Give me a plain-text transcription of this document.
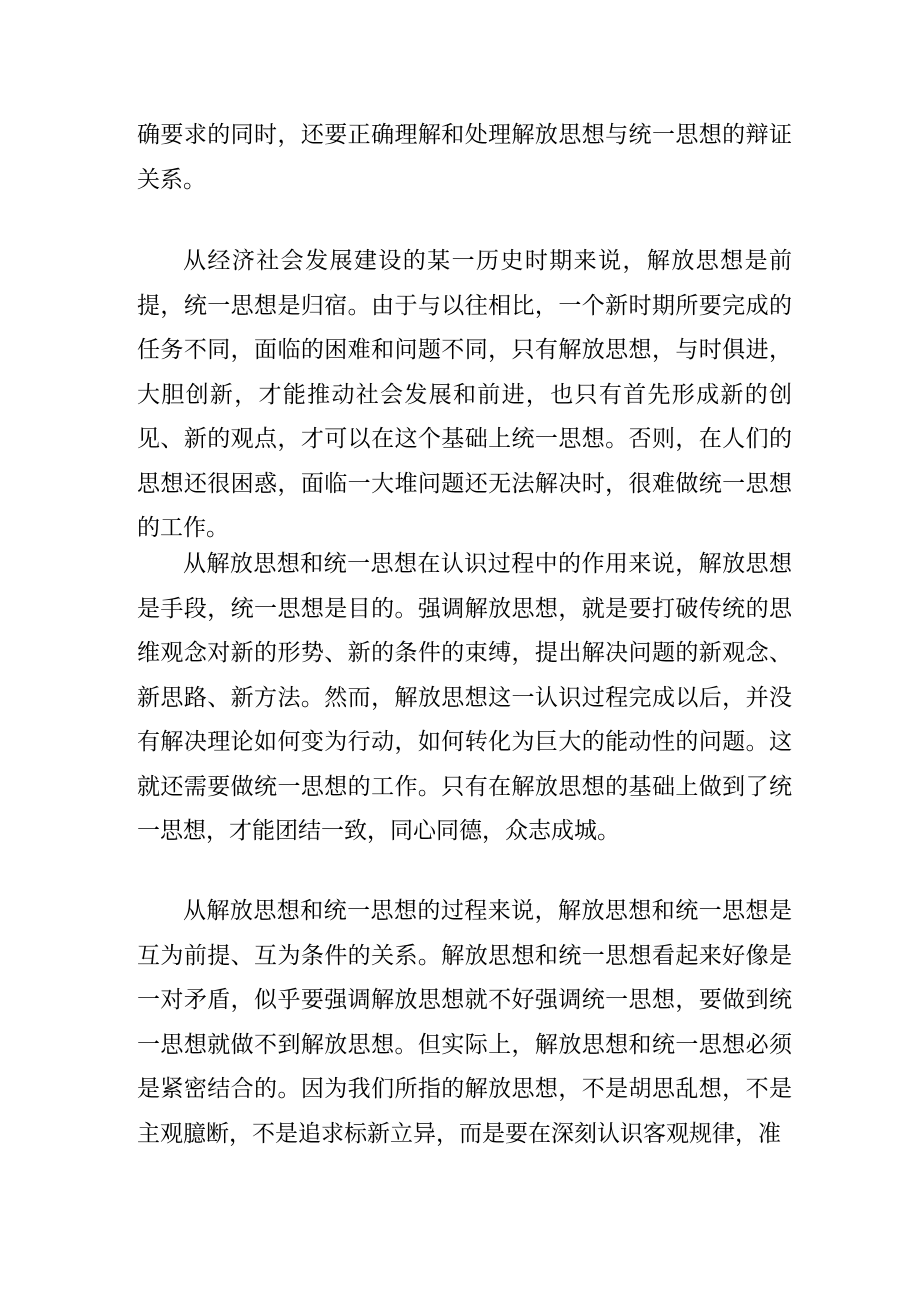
确要求的同时，还要正确理解和处理解放思想与统一思想的辩证关系。

从经济社会发展建设的某一历史时期来说，解放思想是前提，统一思想是归宿。由于与以往相比，一个新时期所要完成的任务不同，面临的困难和问题不同，只有解放思想，与时俱进，大胆创新，才能推动社会发展和前进，也只有首先形成新的创见、新的观点，才可以在这个基础上统一思想。否则，在人们的思想还很困惑，面临一大堆问题还无法解决时，很难做统一思想的工作。

从解放思想和统一思想在认识过程中的作用来说，解放思想是手段，统一思想是目的。强调解放思想，就是要打破传统的思维观念对新的形势、新的条件的束缚，提出解决问题的新观念、新思路、新方法。然而，解放思想这一认识过程完成以后，并没有解决理论如何变为行动，如何转化为巨大的能动性的问题。这就还需要做统一思想的工作。只有在解放思想的基础上做到了统一思想，才能团结一致，同心同德，众志成城。

从解放思想和统一思想的过程来说，解放思想和统一思想是互为前提、互为条件的关系。解放思想和统一思想看起来好像是一对矛盾，似乎要强调解放思想就不好强调统一思想，要做到统一思想就做不到解放思想。但实际上，解放思想和统一思想必须是紧密结合的。因为我们所指的解放思想，不是胡思乱想，不是主观臆断，不是追求标新立异，而是要在深刻认识客观规律，准
